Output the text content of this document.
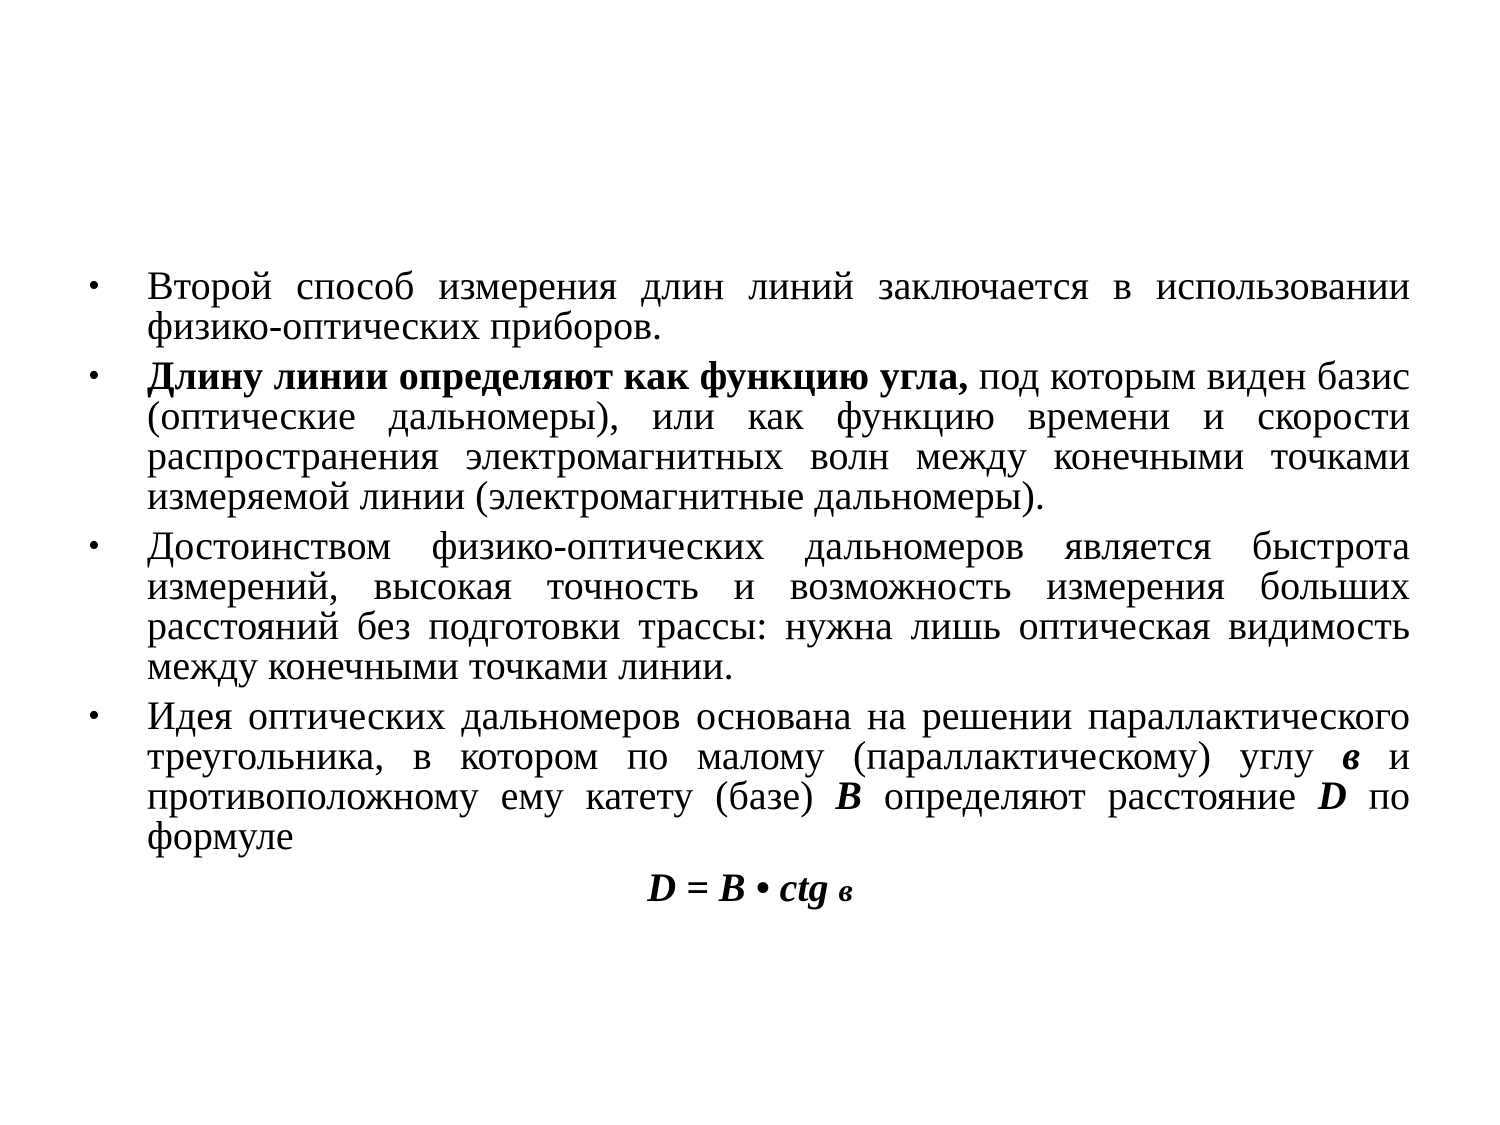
• Второй способ измерения длин линий заключается в использовании физико-оптических приборов.
• Длину линии определяют как функцию угла, под которым виден базис (оптические дальномеры), или как функцию времени и скорости распространения электромагнитных волн между конечными точками измеряемой линии (электромагнитные дальномеры).
• Достоинством физико-оптических дальномеров является быстрота измерений, высокая точность и возможность измерения больших расстояний без подготовки трассы: нужна лишь оптическая видимость между конечными точками линии.
• Идея оптических дальномеров основана на решении параллактического треугольника, в котором по малому (параллактическому) углу в и противоположному ему катету (базе) B определяют расстояние D по формуле
D = B • ctg в
